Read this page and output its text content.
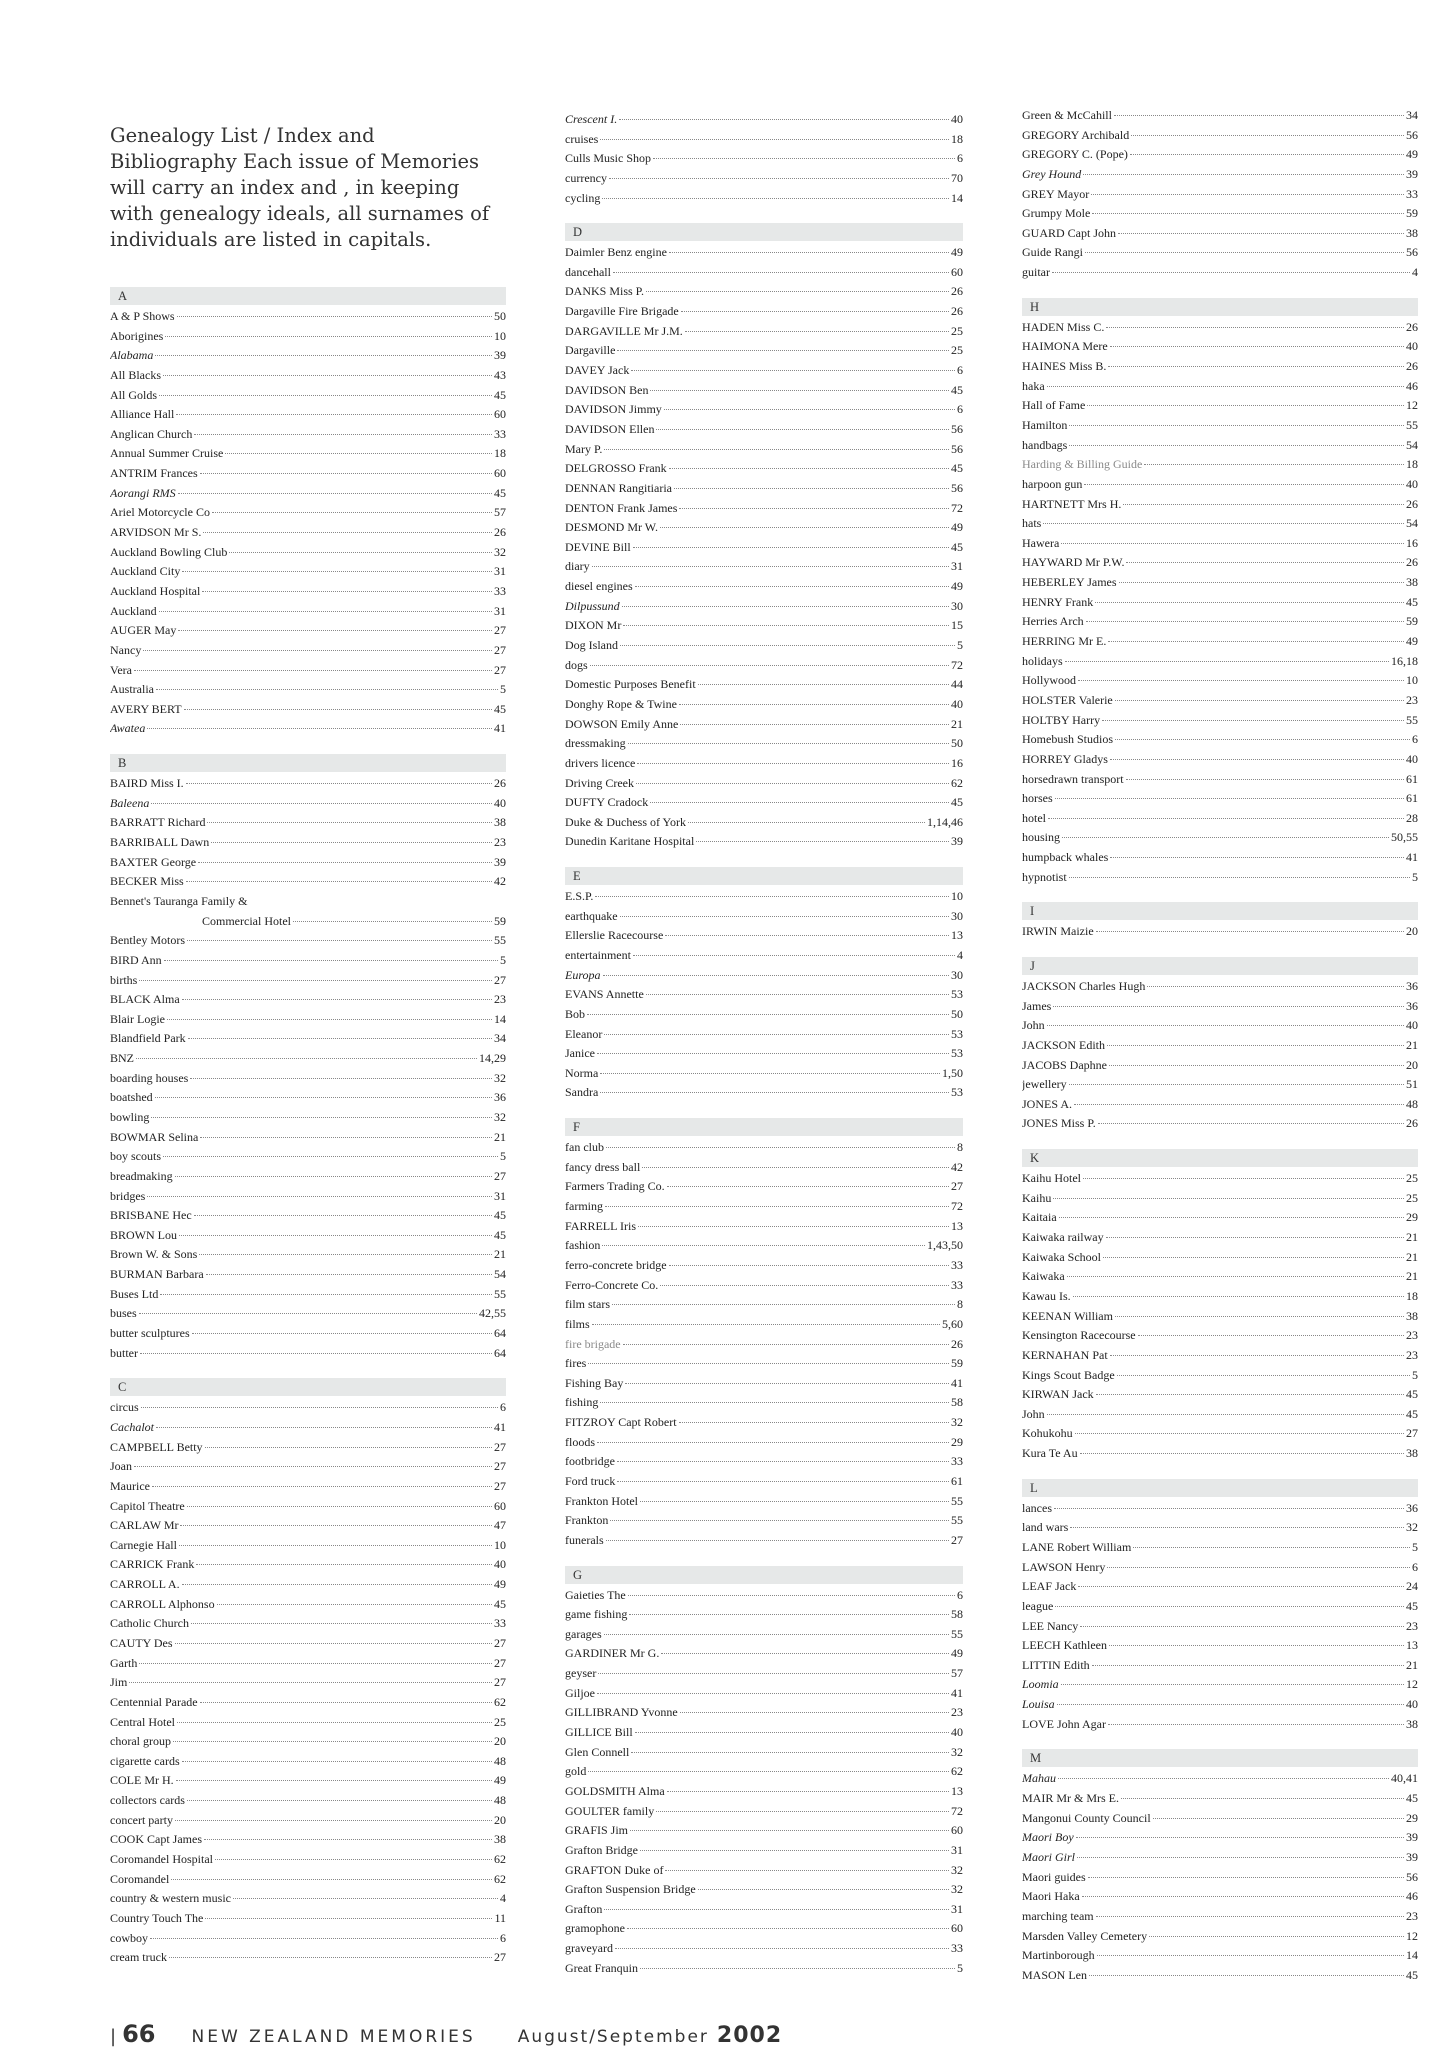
Genealogy List / Index and Bibliography Each issue of Memories will carry an index and , in keeping with genealogy ideals, all surnames of individuals are listed in capitals.

A
A & P Shows	50
Aborigines	10
Alabama	39
All Blacks	43
All Golds	45
Alliance Hall	60
Anglican Church	33
Annual Summer Cruise	18
ANTRIM Frances	60
Aorangi RMS	45
Ariel Motorcycle Co	57
ARVIDSON Mr S.	26
Auckland Bowling Club	32
Auckland City	31
Auckland Hospital	33
Auckland	31
AUGER May	27
Nancy	27
Vera	27
Australia	5
AVERY BERT	45
Awatea	41
B
BAIRD Miss I.	26
Baleena	40
BARRATT Richard	38
BARRIBALL Dawn	23
BAXTER George	39
BECKER Miss	42
Bennet's Tauranga Family &
Commercial Hotel	59
Bentley Motors	55
BIRD Ann	5
births	27
BLACK Alma	23
Blair Logie	14
Blandfield Park	34
BNZ	14,29
boarding houses	32
boatshed	36
bowling	32
BOWMAR Selina	21
boy scouts	5
breadmaking	27
bridges	31
BRISBANE Hec	45
BROWN Lou	45
Brown W. & Sons	21
BURMAN Barbara	54
Buses Ltd	55
buses	42,55
butter sculptures	64
butter	64
C
circus	6
Cachalot	41
CAMPBELL Betty	27
Joan	27
Maurice	27
Capitol Theatre	60
CARLAW Mr	47
Carnegie Hall	10
CARRICK Frank	40
CARROLL A.	49
CARROLL Alphonso	45
Catholic Church	33
CAUTY Des	27
Garth	27
Jim	27
Centennial Parade	62
Central Hotel	25
choral group	20
cigarette cards	48
COLE Mr H.	49
collectors cards	48
concert party	20
COOK Capt James	38
Coromandel Hospital	62
Coromandel	62
country & western music	4
Country Touch The	11
cowboy	6
cream truck	27
Crescent I.	40
cruises	18
Culls Music Shop	6
currency	70
cycling	14
D
Daimler Benz engine	49
dancehall	60
DANKS Miss P.	26
Dargaville Fire Brigade	26
DARGAVILLE Mr J.M.	25
Dargaville	25
DAVEY Jack	6
DAVIDSON Ben	45
DAVIDSON Jimmy	6
DAVIDSON Ellen	56
Mary P.	56
DELGROSSO Frank	45
DENNAN Rangitiaria	56
DENTON Frank James	72
DESMOND Mr W.	49
DEVINE Bill	45
diary	31
diesel engines	49
Dilpussund	30
DIXON Mr	15
Dog Island	5
dogs	72
Domestic Purposes Benefit	44
Donghy Rope & Twine	40
DOWSON Emily Anne	21
dressmaking	50
drivers licence	16
Driving Creek	62
DUFTY Cradock	45
Duke & Duchess of York	1,14,46
Dunedin Karitane Hospital	39
E
E.S.P.	10
earthquake	30
Ellerslie Racecourse	13
entertainment	4
Europa	30
EVANS Annette	53
Bob	50
Eleanor	53
Janice	53
Norma	1,50
Sandra	53
F
fan club	8
fancy dress ball	42
Farmers Trading Co.	27
farming	72
FARRELL Iris	13
fashion	1,43,50
ferro-concrete bridge	33
Ferro-Concrete Co.	33
film stars	8
films	5,60
fire brigade	26
fires	59
Fishing Bay	41
fishing	58
FITZROY Capt Robert	32
floods	29
footbridge	33
Ford truck	61
Frankton Hotel	55
Frankton	55
funerals	27
G
Gaieties The	6
game fishing	58
garages	55
GARDINER Mr G.	49
geyser	57
Giljoe	41
GILLIBRAND Yvonne	23
GILLICE Bill	40
Glen Connell	32
gold	62
GOLDSMITH Alma	13
GOULTER family	72
GRAFIS Jim	60
Grafton Bridge	31
GRAFTON Duke of	32
Grafton Suspension Bridge	32
Grafton	31
gramophone	60
graveyard	33
Great Franquin	5
Green & McCahill	34
GREGORY Archibald	56
GREGORY C. (Pope)	49
Grey Hound	39
GREY Mayor	33
Grumpy Mole	59
GUARD Capt John	38
Guide Rangi	56
guitar	4
H
HADEN Miss C.	26
HAIMONA Mere	40
HAINES Miss B.	26
haka	46
Hall of Fame	12
Hamilton	55
handbags	54
Harding & Billing Guide	18
harpoon gun	40
HARTNETT Mrs H.	26
hats	54
Hawera	16
HAYWARD Mr P.W.	26
HEBERLEY James	38
HENRY Frank	45
Herries Arch	59
HERRING Mr E.	49
holidays	16,18
Hollywood	10
HOLSTER Valerie	23
HOLTBY Harry	55
Homebush Studios	6
HORREY Gladys	40
horsedrawn transport	61
horses	61
hotel	28
housing	50,55
humpback whales	41
hypnotist	5
I
IRWIN Maizie	20
J
JACKSON Charles Hugh	36
James	36
John	40
JACKSON Edith	21
JACOBS Daphne	20
jewellery	51
JONES A.	48
JONES Miss P.	26
K
Kaihu Hotel	25
Kaihu	25
Kaitaia	29
Kaiwaka railway	21
Kaiwaka School	21
Kaiwaka	21
Kawau Is.	18
KEENAN William	38
Kensington Racecourse	23
KERNAHAN Pat	23
Kings Scout Badge	5
KIRWAN Jack	45
John	45
Kohukohu	27
Kura Te Au	38
L
lances	36
land wars	32
LANE Robert William	5
LAWSON Henry	6
LEAF Jack	24
league	45
LEE Nancy	23
LEECH Kathleen	13
LITTIN Edith	21
Loomia	12
Louisa	40
LOVE John Agar	38
M
Mahau	40,41
MAIR Mr & Mrs E.	45
Mangonui County Council	29
Maori Boy	39
Maori Girl	39
Maori guides	56
Maori Haka	46
marching team	23
Marsden Valley Cemetery	12
Martinborough	14
MASON Len	45
| 66 NEW ZEALAND MEMORIES August/September 2002
